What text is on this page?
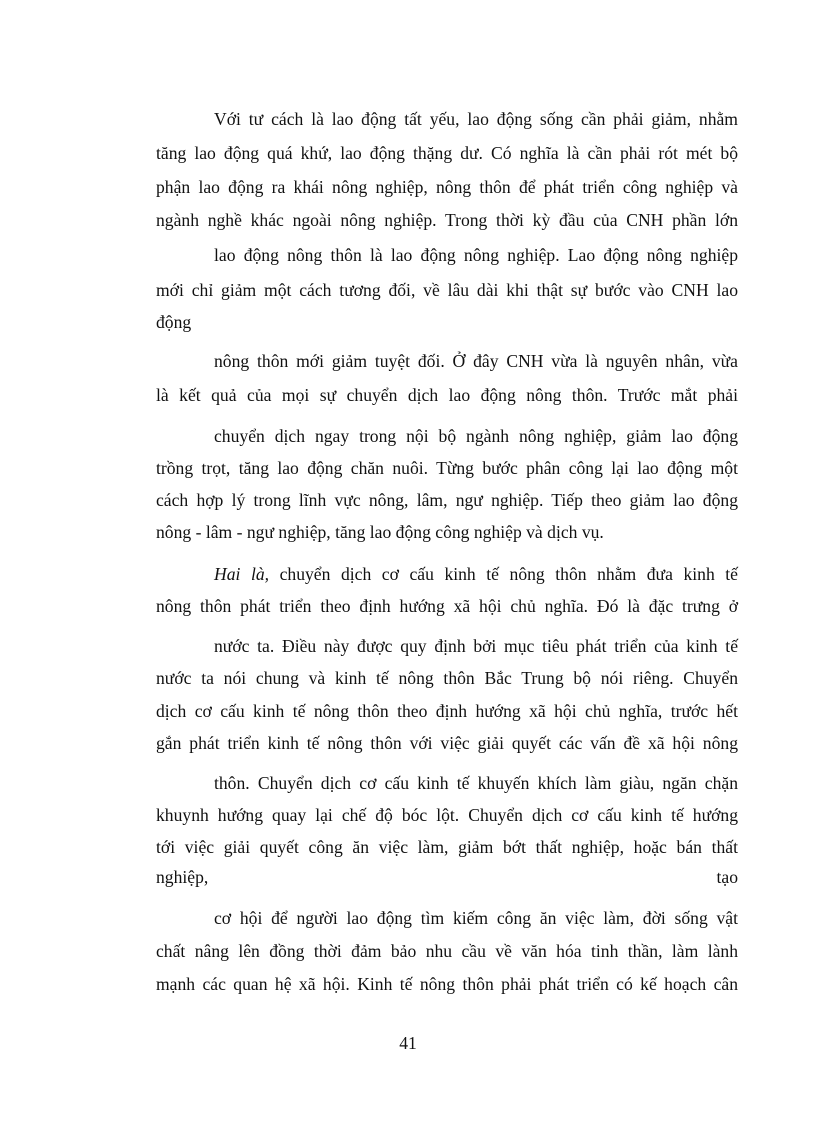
Với tư cách là lao động tất yếu, lao động sống cần phải giảm, nhằm
tăng lao động quá khứ, lao động thặng dư. Có nghĩa là cần phải rót mét bộ
phận lao động ra khái nông nghiệp, nông thôn để phát triển công nghiệp và
ngành nghề khác ngoài nông nghiệp. Trong thời kỳ đầu của CNH phần lớn
lao động nông thôn là lao động nông nghiệp. Lao động nông nghiệp
mới chỉ giảm một cách tương đối, về lâu dài khi thật sự bước vào CNH lao
động
nông thôn mới giảm tuyệt đối. Ở đây CNH vừa là nguyên nhân, vừa
là kết quả của mọi sự chuyển dịch lao động nông thôn. Trước mắt phải
chuyển dịch ngay trong nội bộ ngành nông nghiệp, giảm lao động
trồng trọt, tăng lao động chăn nuôi. Từng bước phân công lại lao động một
cách hợp lý trong lĩnh vực nông, lâm, ngư nghiệp. Tiếp theo giảm lao động
nông - lâm - ngư nghiệp, tăng lao động công nghiệp và dịch vụ.
Hai là, chuyển dịch cơ cấu kinh tế nông thôn nhằm đưa kinh tế
nông thôn phát triển theo định hướng xã hội chủ nghĩa. Đó là đặc trưng ở
nước ta. Điều này được quy định bởi mục tiêu phát triển của kinh tế
nước ta nói chung và kinh tế nông thôn Bắc Trung bộ nói riêng. Chuyển
dịch cơ cấu kinh tế nông thôn theo định hướng xã hội chủ nghĩa, trước hết
gắn phát triển kinh tế nông thôn với việc giải quyết các vấn đề xã hội nông
thôn. Chuyển dịch cơ cấu kinh tế khuyến khích làm giàu, ngăn chặn
khuynh hướng quay lại chế độ bóc lột. Chuyển dịch cơ cấu kinh tế hướng
tới việc giải quyết công ăn việc làm, giảm bớt thất nghiệp, hoặc bán thất
nghiệp,	tạo
cơ hội để người lao động tìm kiếm công ăn việc làm, đời sống vật
chất nâng lên đồng thời đảm bảo nhu cầu về văn hóa tinh thần, làm lành
mạnh các quan hệ xã hội. Kinh tế nông thôn phải phát triển có kế hoạch cân
41
